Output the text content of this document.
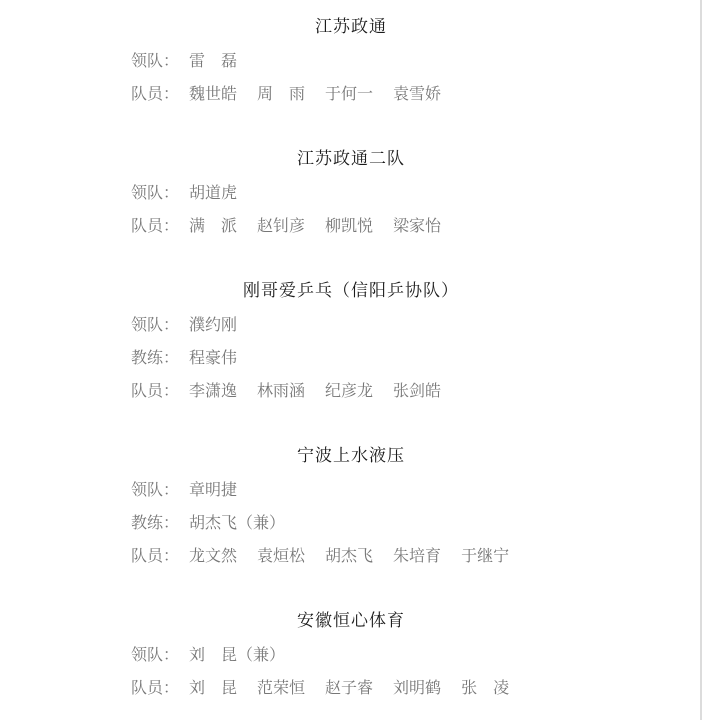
江苏政通
领队： 雷　磊
队员： 魏世皓 周　雨 于何一 袁雪娇
江苏政通二队
领队： 胡道虎
队员： 满　派 赵钊彦 柳凯悦 梁家怡
刚哥爱乒乓（信阳乒协队）
领队： 濮约刚
教练： 程豪伟
队员： 李潇逸 林雨涵 纪彦龙 张剑皓
宁波上水液压
领队： 章明捷
教练： 胡杰飞（兼）
队员： 龙文然 袁烜松 胡杰飞 朱培育 于继宁
安徽恒心体育
领队： 刘　昆（兼）
队员： 刘　昆 范荣恒 赵子睿 刘明鹤 张　凌
